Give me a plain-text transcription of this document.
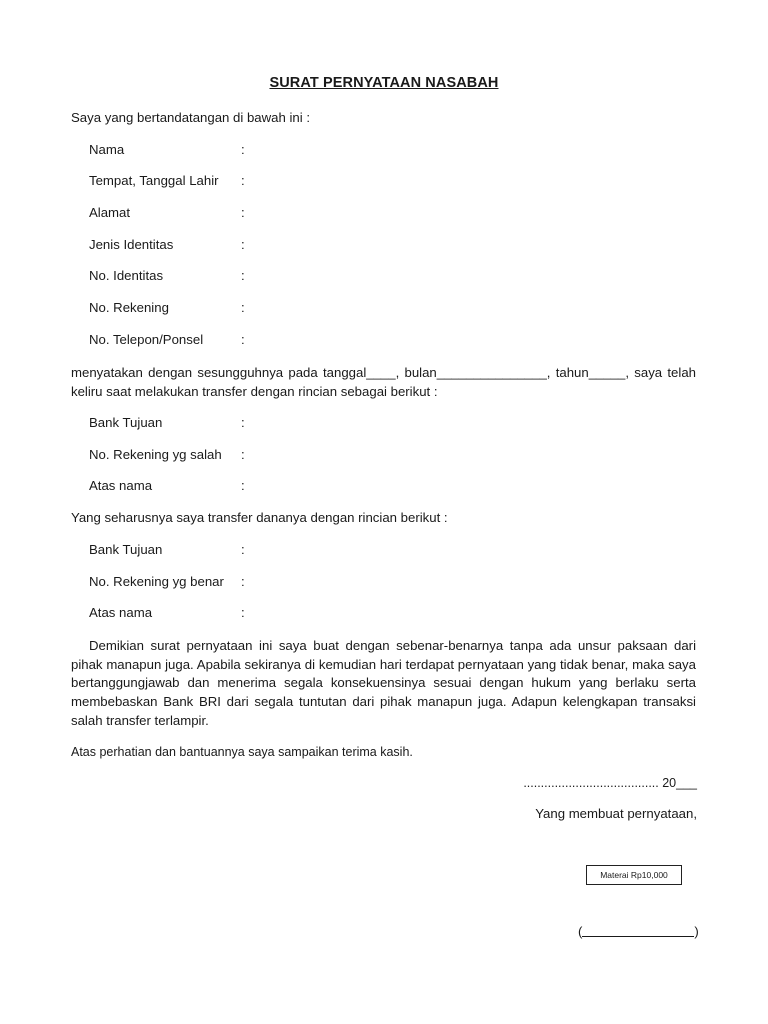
SURAT PERNYATAAN NASABAH
Saya yang bertandatangan di bawah ini :
Nama	:
Tempat, Tanggal Lahir :
Alamat	:
Jenis Identitas	:
No. Identitas	:
No. Rekening	:
No. Telepon/Ponsel	:
menyatakan dengan sesungguhnya pada tanggal____, bulan_______________, tahun_____, saya telah keliru saat melakukan transfer dengan rincian sebagai berikut :
Bank Tujuan	:
No. Rekening yg salah :
Atas nama	:
Yang seharusnya saya transfer dananya dengan rincian berikut :
Bank Tujuan	:
No. Rekening yg benar :
Atas nama	:
Demikian surat pernyataan ini saya buat dengan sebenar-benarnya tanpa ada unsur paksaan dari pihak manapun juga. Apabila sekiranya di kemudian hari terdapat pernyataan yang tidak benar, maka saya bertanggungjawab dan menerima segala konsekuensinya sesuai dengan hukum yang berlaku serta membebaskan Bank BRI dari segala tuntutan dari pihak manapun juga. Adapun kelengkapan transaksi salah transfer terlampir.
Atas perhatian dan bantuannya saya sampaikan terima kasih.
....................................... 20___
Yang membuat pernyataan,
Materai Rp10,000
(	)
